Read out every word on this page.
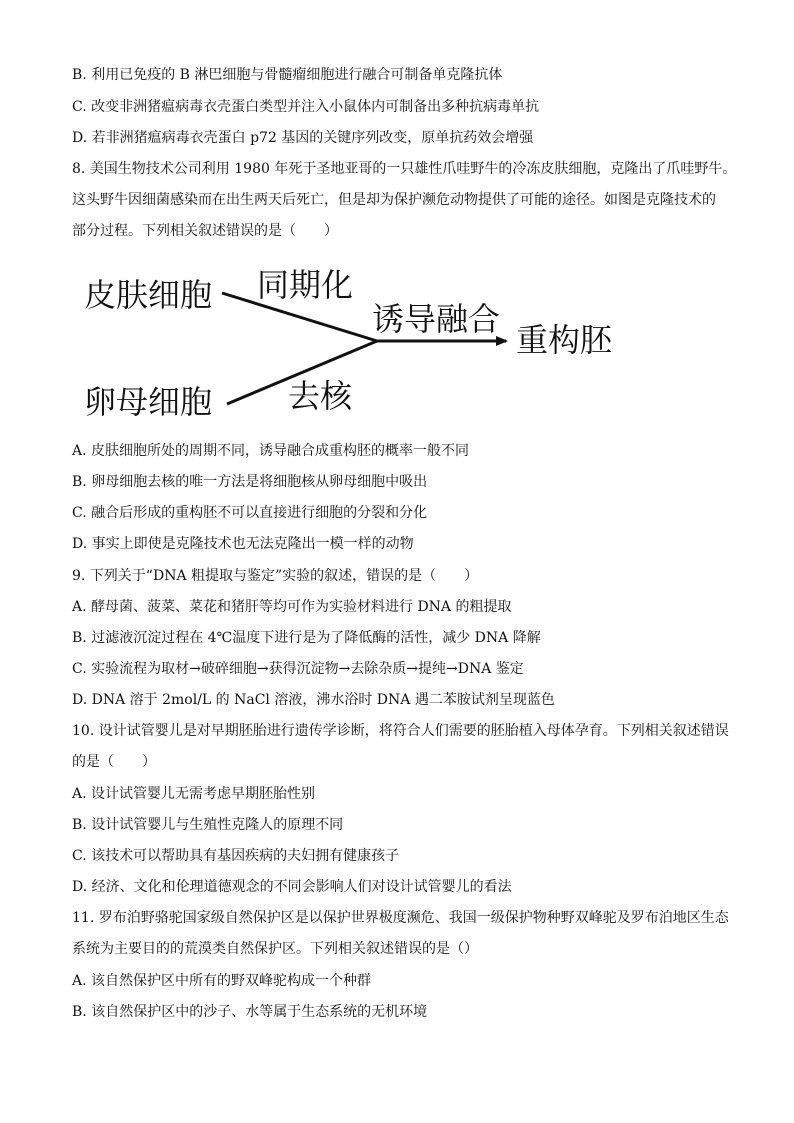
B. 利用已免疫的 B 淋巴细胞与骨髓瘤细胞进行融合可制备单克隆抗体
C. 改变非洲猪瘟病毒衣壳蛋白类型并注入小鼠体内可制备出多种抗病毒单抗
D. 若非洲猪瘟病毒衣壳蛋白 p72 基因的关键序列改变，原单抗药效会增强
8. 美国生物技术公司利用 1980 年死于圣地亚哥的一只雄性爪哇野牛的冷冻皮肤细胞，克隆出了爪哇野牛。
这头野牛因细菌感染而在出生两天后死亡，但是却为保护濒危动物提供了可能的途径。如图是克隆技术的
部分过程。下列相关叙述错误的是（　　）
皮肤细胞 同期化
诱导融合
重构胚
卵母细胞 去核
A. 皮肤细胞所处的周期不同，诱导融合成重构胚的概率一般不同
B. 卵母细胞去核的唯一方法是将细胞核从卵母细胞中吸出
C. 融合后形成的重构胚不可以直接进行细胞的分裂和分化
D. 事实上即使是克隆技术也无法克隆出一模一样的动物
9. 下列关于“DNA 粗提取与鉴定”实验的叙述，错误的是（　　）
A. 酵母菌、菠菜、菜花和猪肝等均可作为实验材料进行 DNA 的粗提取
B. 过滤液沉淀过程在 4℃温度下进行是为了降低酶的活性，减少 DNA 降解
C. 实验流程为取材→破碎细胞→获得沉淀物→去除杂质→提纯→DNA 鉴定
D. DNA 溶于 2mol/L 的 NaCl 溶液，沸水浴时 DNA 遇二苯胺试剂呈现蓝色
10. 设计试管婴儿是对早期胚胎进行遗传学诊断，将符合人们需要的胚胎植入母体孕育。下列相关叙述错误
的是（　　）
A. 设计试管婴儿无需考虑早期胚胎性别
B. 设计试管婴儿与生殖性克隆人的原理不同
C. 该技术可以帮助具有基因疾病的夫妇拥有健康孩子
D. 经济、文化和伦理道德观念的不同会影响人们对设计试管婴儿的看法
11. 罗布泊野骆驼国家级自然保护区是以保护世界极度濒危、我国一级保护物种野双峰驼及罗布泊地区生态
系统为主要目的的荒漠类自然保护区。下列相关叙述错误的是（）
A. 该自然保护区中所有的野双峰驼构成一个种群
B. 该自然保护区中的沙子、水等属于生态系统的无机环境
